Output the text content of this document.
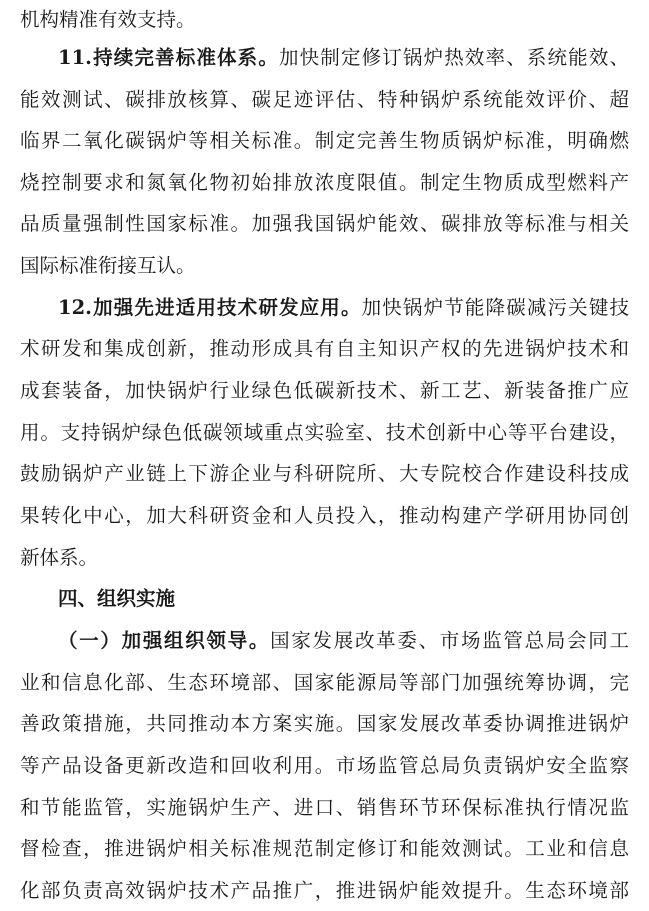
机构精准有效支持。
11.持续完善标准体系。加快制定修订锅炉热效率、系统能效、
能效测试、碳排放核算、碳足迹评估、特种锅炉系统能效评价、超
临界二氧化碳锅炉等相关标准。制定完善生物质锅炉标准，明确燃
烧控制要求和氮氧化物初始排放浓度限值。制定生物质成型燃料产
品质量强制性国家标准。加强我国锅炉能效、碳排放等标准与相关
国际标准衔接互认。
12.加强先进适用技术研发应用。加快锅炉节能降碳减污关键技
术研发和集成创新，推动形成具有自主知识产权的先进锅炉技术和
成套装备，加快锅炉行业绿色低碳新技术、新工艺、新装备推广应
用。支持锅炉绿色低碳领域重点实验室、技术创新中心等平台建设，
鼓励锅炉产业链上下游企业与科研院所、大专院校合作建设科技成
果转化中心，加大科研资金和人员投入，推动构建产学研用协同创
新体系。
四、组织实施
（一）加强组织领导。国家发展改革委、市场监管总局会同工
业和信息化部、生态环境部、国家能源局等部门加强统筹协调，完
善政策措施，共同推动本方案实施。国家发展改革委协调推进锅炉
等产品设备更新改造和回收利用。市场监管总局负责锅炉安全监察
和节能监管，实施锅炉生产、进口、销售环节环保标准执行情况监
督检查，推进锅炉相关标准规范制定修订和能效测试。工业和信息
化部负责高效锅炉技术产品推广，推进锅炉能效提升。生态环境部
